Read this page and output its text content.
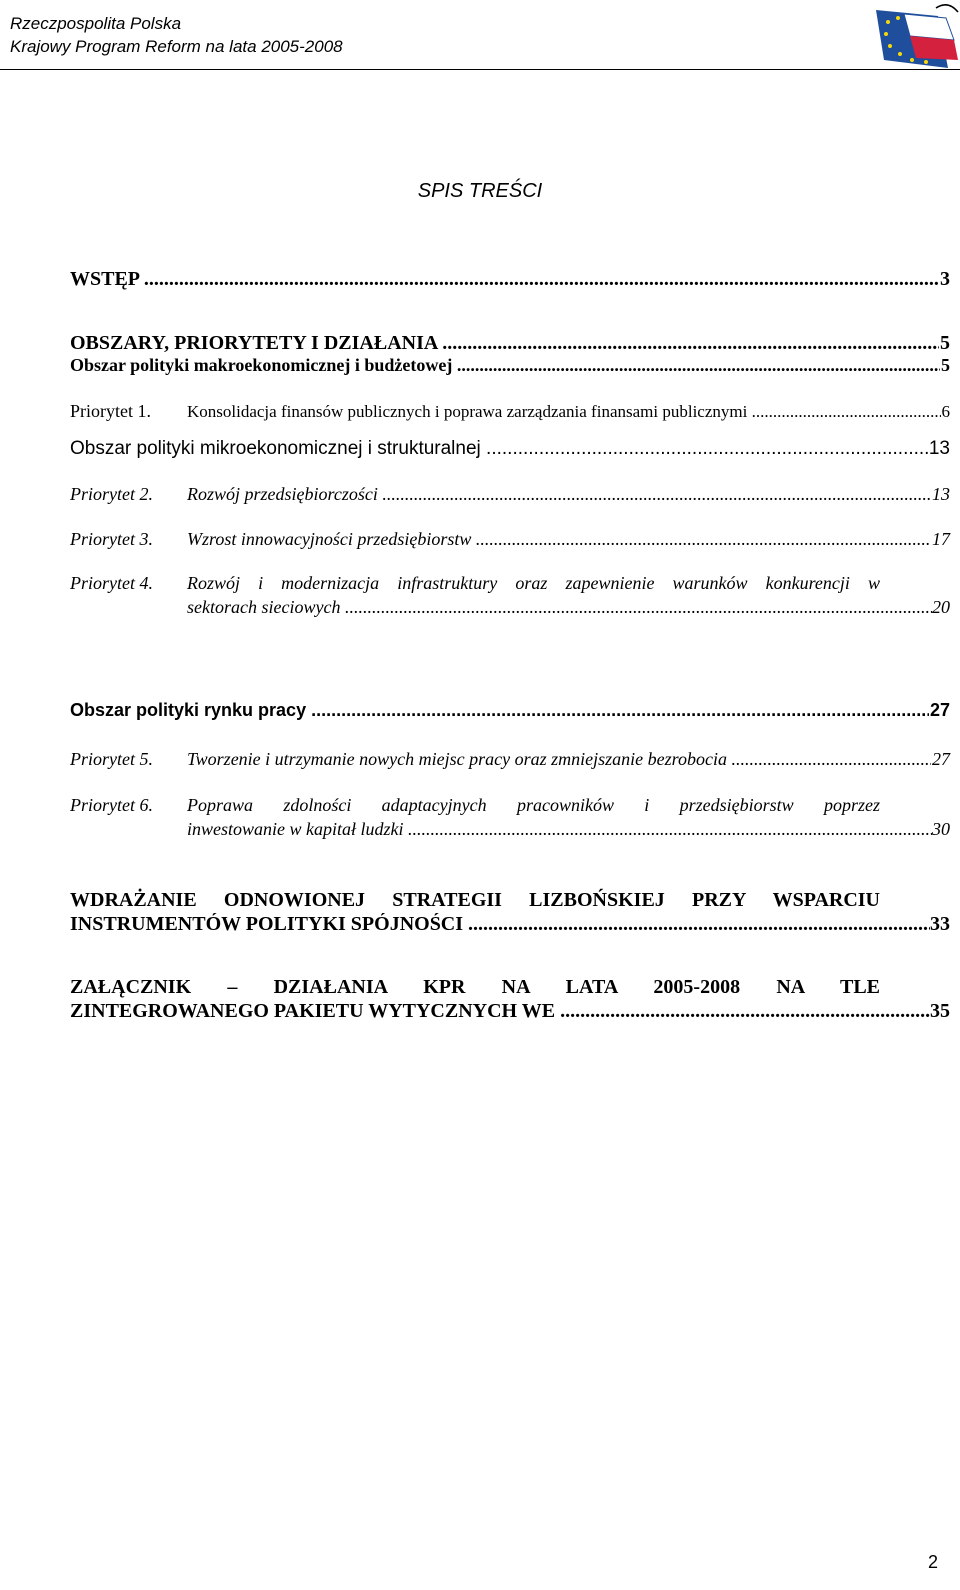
Rzeczpospolita Polska
Krajowy Program Reform na lata 2005-2008
SPIS TREŚCI
WSTĘP .....	3
OBSZARY, PRIORYTETY I DZIAŁANIA .....	5
Obszar polityki makroekonomicznej i budżetowej .....	5
Priorytet 1.	Konsolidacja finansów publicznych i poprawa zarządzania finansami publicznymi .....	6
Obszar polityki mikroekonomicznej i strukturalnej .....	13
Priorytet 2.	Rozwój przedsiębiorczości .....	13
Priorytet 3.	Wzrost innowacyjności przedsiębiorstw .....	17
Priorytet 4.	Rozwój i modernizacja infrastruktury oraz zapewnienie warunków konkurencji w
sektorach sieciowych .....	20
Obszar polityki rynku pracy .....	27
Priorytet 5.	Tworzenie i utrzymanie nowych miejsc pracy oraz zmniejszanie bezrobocia .....	27
Priorytet 6.	Poprawa zdolności adaptacyjnych pracowników i przedsiębiorstw poprzez
inwestowanie w kapitał ludzki .....	30
WDRAŻANIE ODNOWIONEJ STRATEGII LIZBOŃSKIEJ PRZY WSPARCIU
INSTRUMENTÓW POLITYKI SPÓJNOŚCI .....	33
ZAŁĄCZNIK – DZIAŁANIA KPR NA LATA 2005-2008 NA TLE
ZINTEGROWANEGO PAKIETU WYTYCZNYCH WE .....	35
2
